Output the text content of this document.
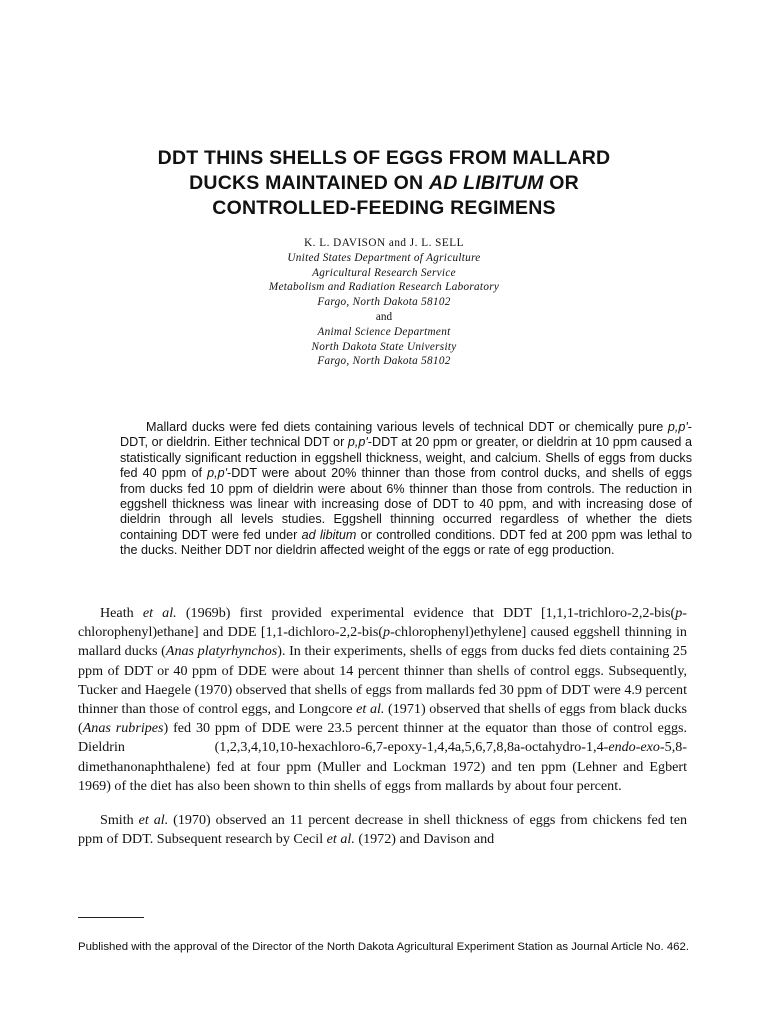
DDT THINS SHELLS OF EGGS FROM MALLARD
DUCKS MAINTAINED ON AD LIBITUM OR
CONTROLLED-FEEDING REGIMENS
K. L. DAVISON and J. L. SELL
United States Department of Agriculture
Agricultural Research Service
Metabolism and Radiation Research Laboratory
Fargo, North Dakota 58102
and
Animal Science Department
North Dakota State University
Fargo, North Dakota 58102

Mallard ducks were fed diets containing various levels of technical DDT or chemically pure p,p'-DDT, or dieldrin. Either technical DDT or p,p'-DDT at 20 ppm or greater, or dieldrin at 10 ppm caused a statistically significant reduction in eggshell thickness, weight, and calcium. Shells of eggs from ducks fed 40 ppm of p,p'-DDT were about 20% thinner than those from control ducks, and shells of eggs from ducks fed 10 ppm of dieldrin were about 6% thinner than those from controls. The reduction in eggshell thickness was linear with increasing dose of DDT to 40 ppm, and with increasing dose of dieldrin through all levels studies. Eggshell thinning occurred regardless of whether the diets containing DDT were fed under ad libitum or controlled conditions. DDT fed at 200 ppm was lethal to the ducks. Neither DDT nor dieldrin affected weight of the eggs or rate of egg production.

Heath et al. (1969b) first provided experimental evidence that DDT [1,1,1-trichloro-2,2-bis(p-chlorophenyl)ethane] and DDE [1,1-dichloro-2,2-bis(p-chlorophenyl)ethylene] caused eggshell thinning in mallard ducks (Anas platyrhynchos). In their experiments, shells of eggs from ducks fed diets containing 25 ppm of DDT or 40 ppm of DDE were about 14 percent thinner than shells of control eggs. Subsequently, Tucker and Haegele (1970) observed that shells of eggs from mallards fed 30 ppm of DDT were 4.9 percent thinner than those of control eggs, and Longcore et al. (1971) observed that shells of eggs from black ducks (Anas rubripes) fed 30 ppm of DDE were 23.5 percent thinner at the equator than those of control eggs. Dieldrin (1,2,3,4,10,10-hexachloro-6,7-epoxy-1,4,4a,5,6,7,8,8a-octahydro-1,4-endo-exo-5,8-dimethanonaphthalene) fed at four ppm (Muller and Lockman 1972) and ten ppm (Lehner and Egbert 1969) of the diet has also been shown to thin shells of eggs from mallards by about four percent.

Smith et al. (1970) observed an 11 percent decrease in shell thickness of eggs from chickens fed ten ppm of DDT. Subsequent research by Cecil et al. (1972) and Davison and

Published with the approval of the Director of the North Dakota Agricultural Experiment Station as Journal Article No. 462.
